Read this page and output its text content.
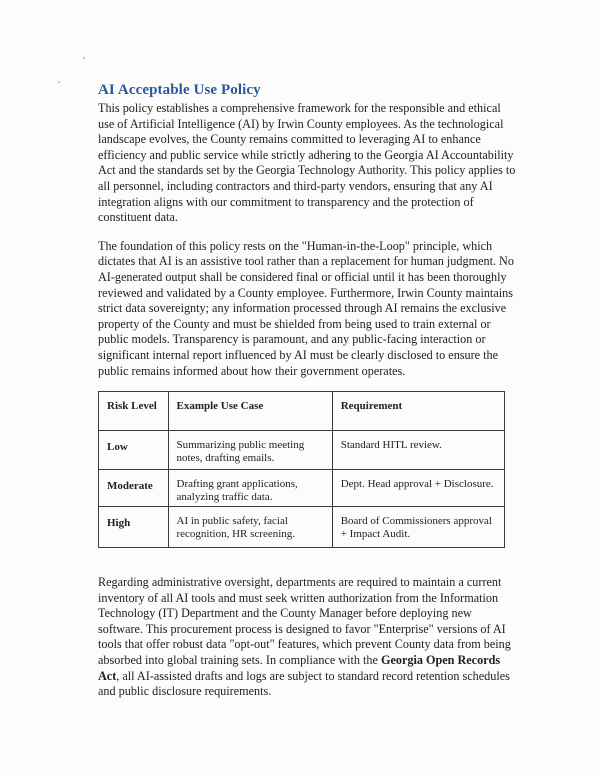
AI Acceptable Use Policy

This policy establishes a comprehensive framework for the responsible and ethical use of Artificial Intelligence (AI) by Irwin County employees. As the technological landscape evolves, the County remains committed to leveraging AI to enhance efficiency and public service while strictly adhering to the Georgia AI Accountability Act and the standards set by the Georgia Technology Authority. This policy applies to all personnel, including contractors and third-party vendors, ensuring that any AI integration aligns with our commitment to transparency and the protection of constituent data.

The foundation of this policy rests on the "Human-in-the-Loop" principle, which dictates that AI is an assistive tool rather than a replacement for human judgment. No AI-generated output shall be considered final or official until it has been thoroughly reviewed and validated by a County employee. Furthermore, Irwin County maintains strict data sovereignty; any information processed through AI remains the exclusive property of the County and must be shielded from being used to train external or public models. Transparency is paramount, and any public-facing interaction or significant internal report influenced by AI must be clearly disclosed to ensure the public remains informed about how their government operates.

Risk Level	Example Use Case	Requirement

Low	Summarizing public meeting notes, drafting emails.	Standard HITL review.

Moderate	Drafting grant applications, analyzing traffic data.	Dept. Head approval + Disclosure.

High	AI in public safety, facial recognition, HR screening.	Board of Commissioners approval + Impact Audit.

Regarding administrative oversight, departments are required to maintain a current inventory of all AI tools and must seek written authorization from the Information Technology (IT) Department and the County Manager before deploying new software. This procurement process is designed to favor "Enterprise" versions of AI tools that offer robust data "opt-out" features, which prevent County data from being absorbed into global training sets. In compliance with the Georgia Open Records Act, all AI-assisted drafts and logs are subject to standard record retention schedules and public disclosure requirements.
